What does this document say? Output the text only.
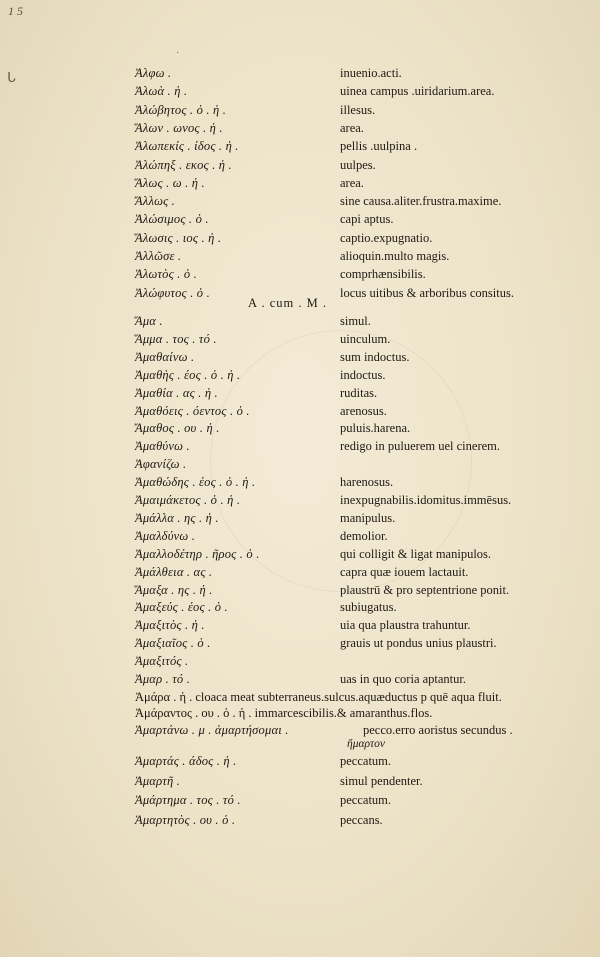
1 5
ᒐ
·
Ἀλφω .	inuenio.acti.
Ἀλωὰ . ἡ .	uinea campus .uiridarium.area.
Ἀλώβητος . ὁ . ἡ .	illesus.
Ἅλων . ωνος . ἡ .	area.
Ἀλωπεκίς . ίδος . ἡ .	pellis .uulpina .
Ἀλώπηξ . εκος . ἡ .	uulpes.
Ἅλως . ω . ἡ .	area.
Ἄλλως .	sine causa.aliter.frustra.maxime.
Ἁλώσιμος . ὁ .	capi aptus.
Ἅλωσις . ιος . ἡ .	captio.expugnatio.
Ἀλλῶσε .	alioquin.multo magis.
Ἁλωτὸς . ὁ .	comprhænsibilis.
Ἀλώφυτος . ὁ .	locus uitibus & arboribus consitus.
A . cum . M .
Ἅμα .	simul.
Ἅμμα . τος . τό .	uinculum.
Ἀμαθαίνω .	sum indoctus.
Ἀμαθὴς . έος . ὁ . ἡ .	indoctus.
Ἀμαθία . ας . ἡ .	ruditas.
Ἀμαθόεις . όεντος . ὁ .	arenosus.
Ἄμαθος . ου . ἡ .	puluis.harena.
Ἀμαθύνω .	redigo in puluerem uel cinerem.
Ἀφανίζω .
Ἀμαθώδης . έος . ὁ . ἡ .	harenosus.
Ἀμαιμάκετος . ὁ . ἡ .	inexpugnabilis.idomitus.immēsus.
Ἀμάλλα . ης . ἡ .	manipulus.
Ἀμαλδύνω .	demolior.
Ἀμαλλοδέτηρ . ῆρος . ὁ .	qui colligit & ligat manipulos.
Ἀμάλθεια . ας .	capra quæ iouem lactauit.
Ἅμαξα . ης . ἡ .	plaustrū & pro septentrione ponit.
Ἀμαξεύς . έος . ὁ .	subiugatus.
Ἀμαξιτὸς . ἡ .	uia qua plaustra trahuntur.
Ἀμαξιαῖος . ὁ .	grauis ut pondus unius plaustri.
Ἀμαξιτός .
Ἀμαρ . τό .	uas in quo coria aptantur.
Ἀμάρα . ἡ . cloaca meat subterraneus.sulcus.aquæductus p quē aqua fluit.
Ἀμάραντος . ου . ὁ . ἡ . immarcescibilis.& amaranthus.flos.
Ἁμαρτάνω . μ . ἁμαρτήσομαι .	pecco.erro aoristus secundus .
ἥμαρτον
Ἁμαρτάς . άδος . ἡ .	peccatum.
Ἁμαρτῆ .	simul pendenter.
Ἁμάρτημα . τος . τό .	peccatum.
Ἁμαρτητὸς . ου . ὁ .	peccans.
